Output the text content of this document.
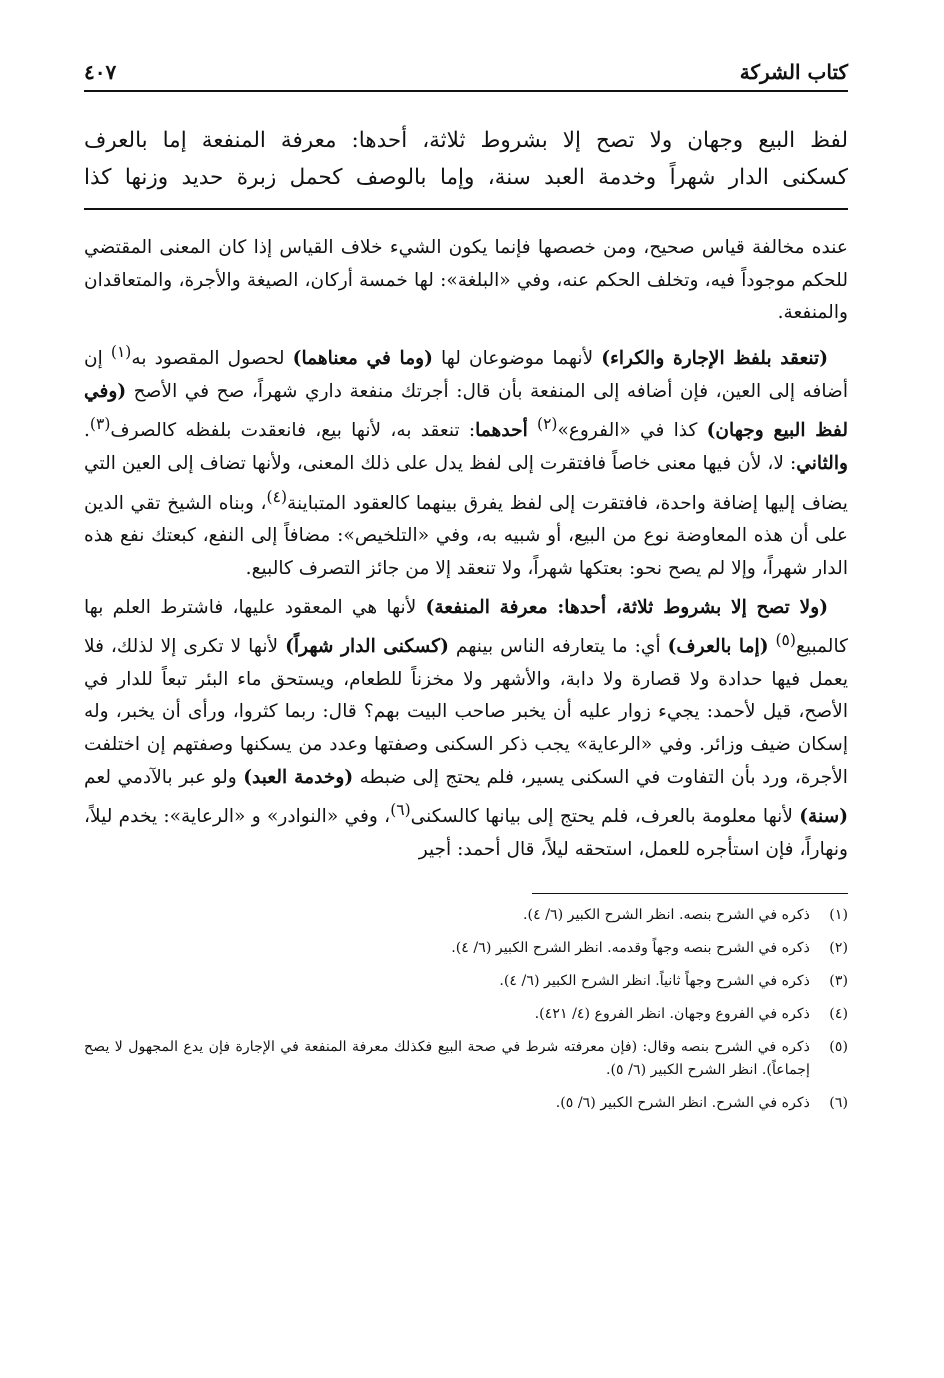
كتاب الشركة
٤٠٧

لفظ البيع وجهان ولا تصح إلا بشروط ثلاثة، أحدها: معرفة المنفعة إما بالعرف

كسكنى الدار شهراً وخدمة العبد سنة، وإما بالوصف كحمل زبرة حديد وزنها كذا

عنده مخالفة قياس صحيح، ومن خصصها فإنما يكون الشيء خلاف القياس إذا كان المعنى المقتضي للحكم موجوداً فيه، وتخلف الحكم عنه، وفي «البلغة»: لها خمسة أركان، الصيغة والأجرة، والمتعاقدان والمنفعة.

(تنعقد بلفظ الإجارة والكراء) لأنهما موضوعان لها (وما في معناهما) لحصول المقصود به$^{(١)}$ إن أضافه إلى العين، فإن أضافه إلى المنفعة بأن قال: أجرتك منفعة داري شهراً، صح في الأصح (وفي لفظ البيع وجهان) كذا في «الفروع»$^{(٢)}$ أحدهما: تنعقد به، لأنها بيع، فانعقدت بلفظه كالصرف$^{(٣)}$. والثاني: لا، لأن فيها معنى خاصاً فافتقرت إلى لفظ يدل على ذلك المعنى، ولأنها تضاف إلى العين التي يضاف إليها إضافة واحدة، فافتقرت إلى لفظ يفرق بينهما كالعقود المتباينة$^{(٤)}$، وبناه الشيخ تقي الدين على أن هذه المعاوضة نوع من البيع، أو شبيه به، وفي «التلخيص»: مضافاً إلى النفع، كبعتك نفع هذه الدار شهراً، وإلا لم يصح نحو: بعتكها شهراً، ولا تنعقد إلا من جائز التصرف كالبيع.

(ولا تصح إلا بشروط ثلاثة، أحدها: معرفة المنفعة) لأنها هي المعقود عليها، فاشترط العلم بها كالمبيع$^{(٥)}$ (إما بالعرف) أي: ما يتعارفه الناس بينهم (كسكنى الدار شهراً) لأنها لا تكرى إلا لذلك، فلا يعمل فيها حدادة ولا قصارة ولا دابة، والأشهر ولا مخزناً للطعام، ويستحق ماء البئر تبعاً للدار في الأصح، قيل لأحمد: يجيء زوار عليه أن يخبر صاحب البيت بهم؟ قال: ربما كثروا، ورأى أن يخبر، وله إسكان ضيف وزائر. وفي «الرعاية» يجب ذكر السكنى وصفتها وعدد من يسكنها وصفتهم إن اختلفت الأجرة، ورد بأن التفاوت في السكنى يسير، فلم يحتج إلى ضبطه (وخدمة العبد) ولو عبر بالآدمي لعم (سنة) لأنها معلومة بالعرف، فلم يحتج إلى بيانها كالسكنى$^{(٦)}$، وفي «النوادر» و «الرعاية»: يخدم ليلاً، ونهاراً، فإن استأجره للعمل، استحقه ليلاً، قال أحمد: أجير

(١)
ذكره في الشرح بنصه. انظر الشرح الكبير (٦/ ٤).
(٢)
ذكره في الشرح بنصه وجهاً وقدمه. انظر الشرح الكبير (٦/ ٤).
(٣)
ذكره في الشرح وجهاً ثانياً. انظر الشرح الكبير (٦/ ٤).
(٤)
ذكره في الفروع وجهان. انظر الفروع (٤/ ٤٢١).
(٥)
ذكره في الشرح بنصه وقال: (فإن معرفته شرط في صحة البيع فكذلك معرفة المنفعة في الإجارة فإن يدع المجهول لا يصح إجماعاً). انظر الشرح الكبير (٦/ ٥).
(٦)
ذكره في الشرح. انظر الشرح الكبير (٦/ ٥).
